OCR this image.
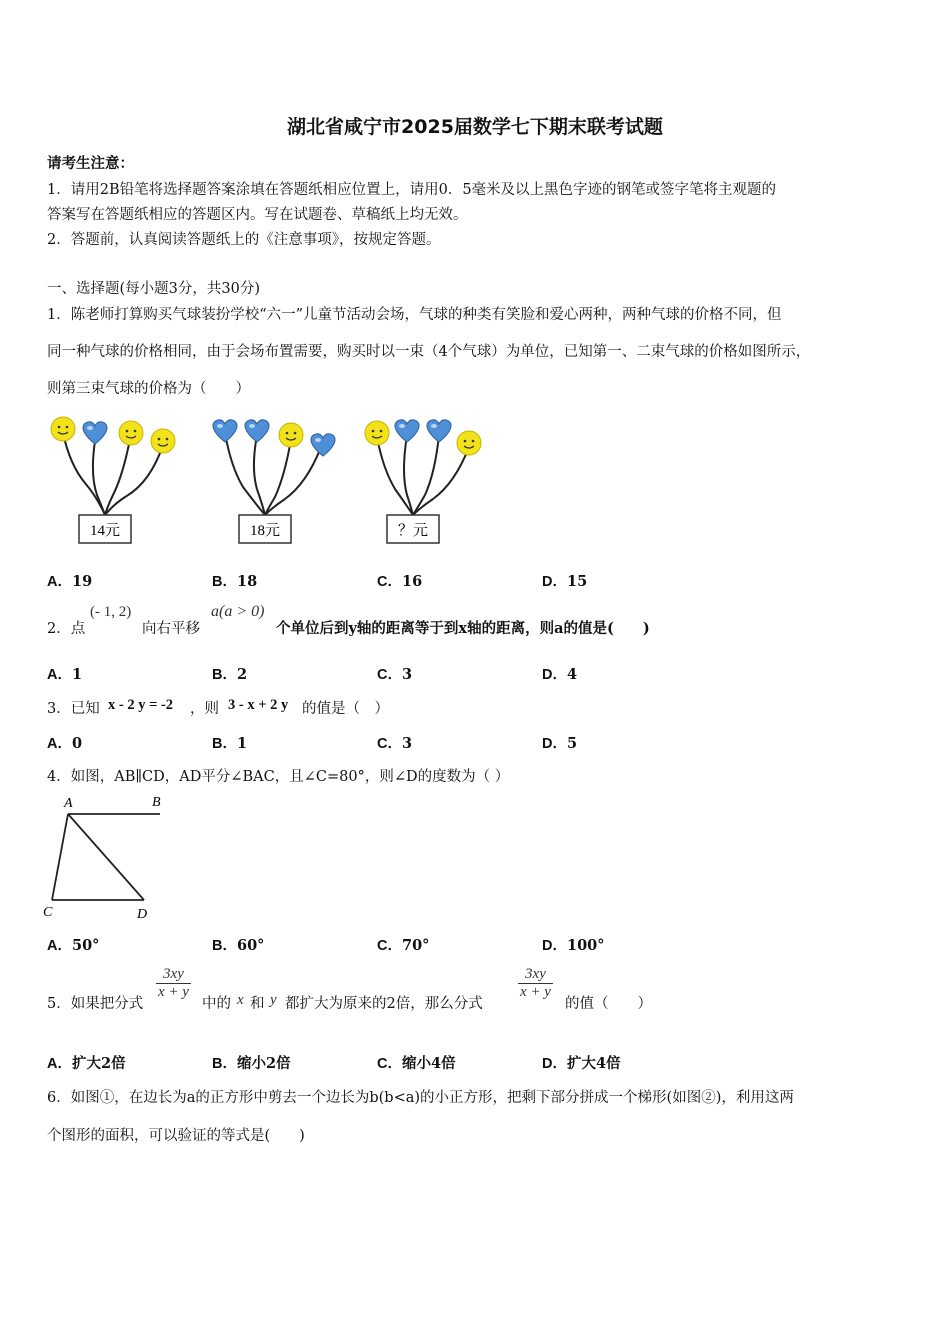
湖北省咸宁市2025届数学七下期末联考试题
请考生注意：
1．请用2B铅笔将选择题答案涂填在答题纸相应位置上，请用0．5毫米及以上黑色字迹的钢笔或签字笔将主观题的
答案写在答题纸相应的答题区内。写在试题卷、草稿纸上均无效。
2．答题前，认真阅读答题纸上的《注意事项》，按规定答题。
一、选择题(每小题3分，共30分)
1．陈老师打算购买气球装扮学校“六一”儿童节活动会场，气球的种类有笑脸和爱心两种，两种气球的价格不同，但
同一种气球的价格相同，由于会场布置需要，购买时以一束（4个气球）为单位，已知第一、二束气球的价格如图所示，
则第三束气球的价格为（　　）
14元	18元	？元
A．19	B．18	C．16	D．15
2．点
(- 1, 2)
向右平移
a(a > 0)
个单位后到y轴的距离等于到x轴的距离，则a的值是(　　)
A．1	B．2	C．3	D．4
3．已知 x - 2 y = -2 ，则 3 - x + 2 y 的值是（　）
A．0	B．1	C．3	D．5
4．如图，AB∥CD，AD平分∠BAC，且∠C=80°，则∠D的度数为（ ）
A	B
C	D
A．50°	B．60°	C．70°	D．100°
5．如果把分式
$\frac{3xy}{x + y}$
中的 x 和 y 都扩大为原来的2倍，那么分式
$\frac{3xy}{x + y}$
的值（　　）
A．扩大2倍	B．缩小2倍	C．缩小4倍	D．扩大4倍
6．如图①，在边长为a的正方形中剪去一个边长为b(b<a)的小正方形，把剩下部分拼成一个梯形(如图②)，利用这两
个图形的面积，可以验证的等式是(　　)
